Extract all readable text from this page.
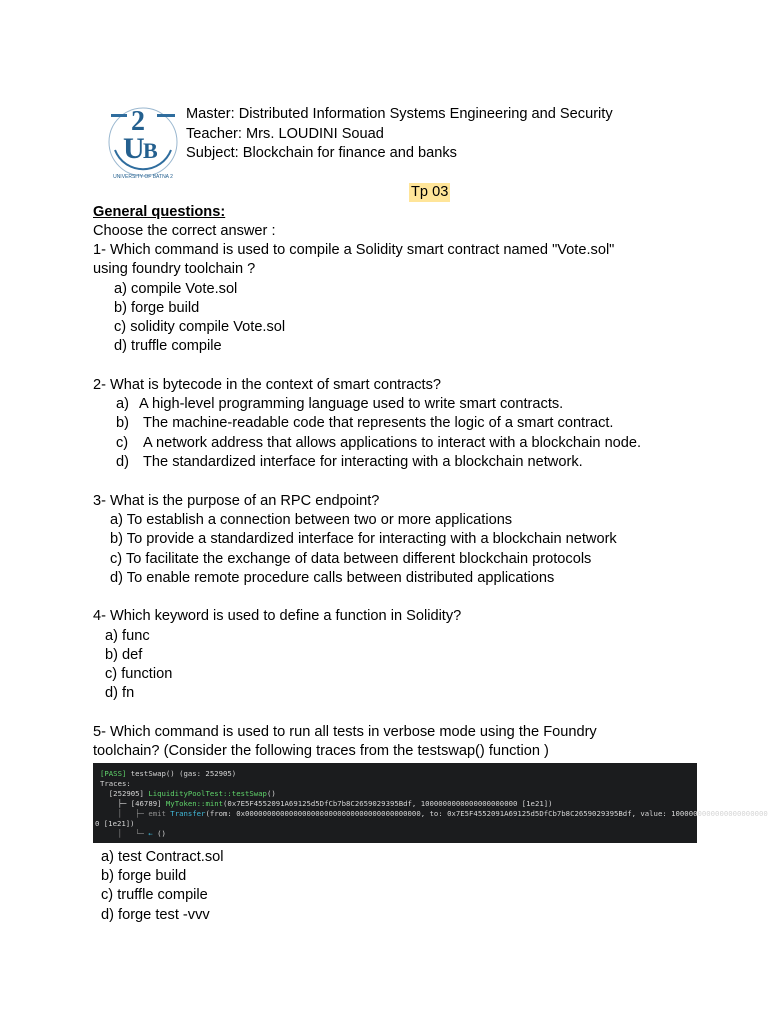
2
U
B
UNIVERSITY OF BATNA 2
Master: Distributed Information Systems Engineering and Security
Teacher: Mrs. LOUDINI Souad
Subject: Blockchain for finance and banks
Tp 03
General questions:
Choose the correct answer :
1- Which command is used to compile a Solidity smart contract named "Vote.sol"
using foundry toolchain ?
a) compile Vote.sol
b) forge build
c) solidity compile Vote.sol
d) truffle compile
2- What is bytecode in the context of smart contracts?
a) A high-level programming language used to write smart contracts.
b) The machine-readable code that represents the logic of a smart contract.
c) A network address that allows applications to interact with a blockchain node.
d) The standardized interface for interacting with a blockchain network.
3- What is the purpose of an RPC endpoint?
a) To establish a connection between two or more applications
b) To provide a standardized interface for interacting with a blockchain network
c) To facilitate the exchange of data between different blockchain protocols
d) To enable remote procedure calls between distributed applications
4- Which keyword is used to define a function in Solidity?
a) func
b) def
c) function
d) fn
5- Which command is used to run all tests in verbose mode using the Foundry
toolchain? (Consider the following traces from the testswap() function )
[PASS] testSwap() (gas: 252905)
Traces:
[252905] LiquidityPoolTest::testSwap()
├─ [46789] MyToken::mint(0x7E5F4552091A69125d5DfCb7b8C2659029395Bdf, 1000000000000000000000 [1e21])
│   ├─ emit Transfer(from: 0x0000000000000000000000000000000000000000, to: 0x7E5F4552091A69125d5DfCb7b8C2659029395Bdf, value: 1000000000000000000000
0 [1e21])
│   └─ ← ()
a) test Contract.sol
b) forge build
c) truffle compile
d) forge test -vvv
